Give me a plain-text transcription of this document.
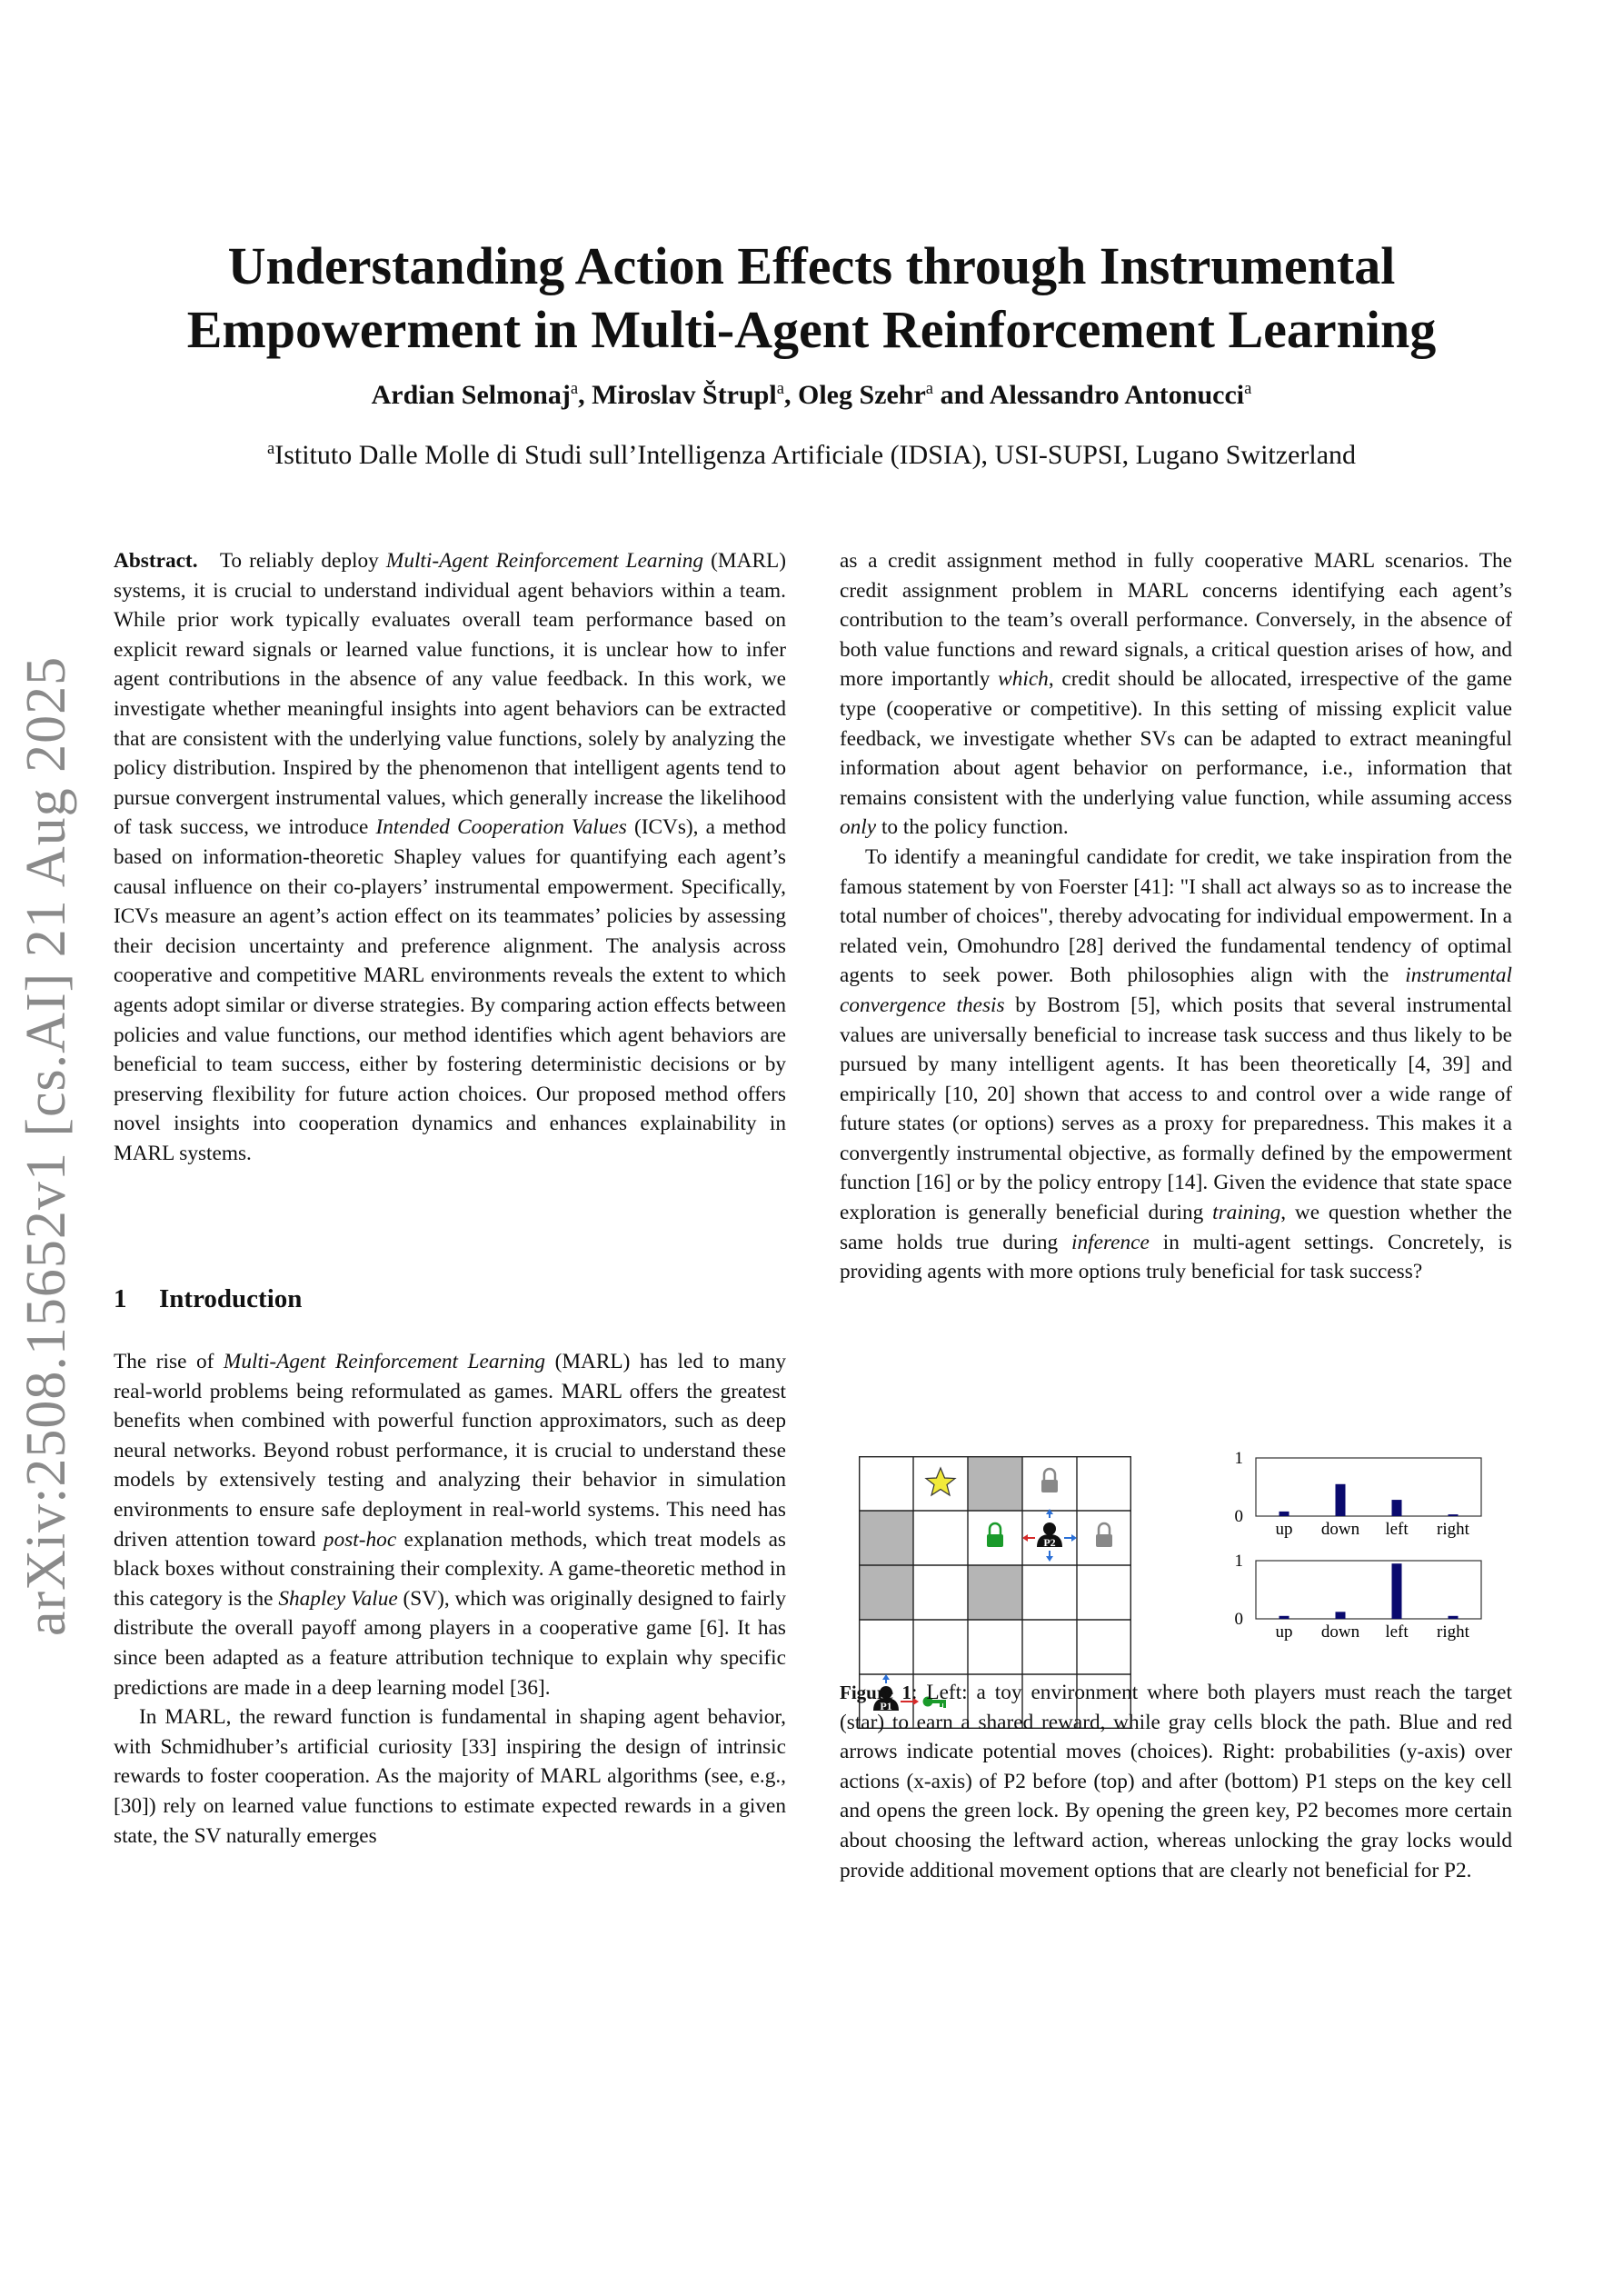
arXiv:2508.15652v1 [cs.AI] 21 Aug 2025
Understanding Action Effects through Instrumental
Empowerment in Multi-Agent Reinforcement Learning

Ardian Selmonaj$^a$, Miroslav Štrupl$^a$, Oleg Szehr$^a$ and Alessandro Antonucci$^a$

$^a$Istituto Dalle Molle di Studi sull’Intelligenza Artificiale (IDSIA), USI-SUPSI, Lugano Switzerland

Abstract. To reliably deploy Multi-Agent Reinforcement Learning (MARL) systems, it is crucial to understand individual agent behaviors within a team. While prior work typically evaluates overall team performance based on explicit reward signals or learned value functions, it is unclear how to infer agent contributions in the absence of any value feedback. In this work, we investigate whether meaningful insights into agent behaviors can be extracted that are consistent with the underlying value functions, solely by analyzing the policy distribution. Inspired by the phenomenon that intelligent agents tend to pursue convergent instrumental values, which generally increase the likelihood of task success, we introduce Intended Cooperation Values (ICVs), a method based on information-theoretic Shapley values for quantifying each agent’s causal influence on their co-players’ instrumental empowerment. Specifically, ICVs measure an agent’s action effect on its teammates’ policies by assessing their decision uncertainty and preference alignment. The analysis across cooperative and competitive MARL environments reveals the extent to which agents adopt similar or diverse strategies. By comparing action effects between policies and value functions, our method identifies which agent behaviors are beneficial to team success, either by fostering deterministic decisions or by preserving flexibility for future action choices. Our proposed method offers novel insights into cooperation dynamics and enhances explainability in MARL systems.

1 Introduction

The rise of Multi-Agent Reinforcement Learning (MARL) has led to many real-world problems being reformulated as games. MARL offers the greatest benefits when combined with powerful function approximators, such as deep neural networks. Beyond robust performance, it is crucial to understand these models by extensively testing and analyzing their behavior in simulation environments to ensure safe deployment in real-world systems. This need has driven attention toward post-hoc explanation methods, which treat models as black boxes without constraining their complexity. A game-theoretic method in this category is the Shapley Value (SV), which was originally designed to fairly distribute the overall payoff among players in a cooperative game [6]. It has since been adapted as a feature attribution technique to explain why specific predictions are made in a deep learning model [36].

In MARL, the reward function is fundamental in shaping agent behavior, with Schmidhuber’s artificial curiosity [33] inspiring the design of intrinsic rewards to foster cooperation. As the majority of MARL algorithms (see, e.g., [30]) rely on learned value functions to estimate expected rewards in a given state, the SV naturally emerges

as a credit assignment method in fully cooperative MARL scenarios. The credit assignment problem in MARL concerns identifying each agent’s contribution to the team’s overall performance. Conversely, in the absence of both value functions and reward signals, a critical question arises of how, and more importantly which, credit should be allocated, irrespective of the game type (cooperative or competitive). In this setting of missing explicit value feedback, we investigate whether SVs can be adapted to extract meaningful information about agent behavior on performance, i.e., information that remains consistent with the underlying value function, while assuming access only to the policy function.

To identify a meaningful candidate for credit, we take inspiration from the famous statement by von Foerster [41]: "I shall act always so as to increase the total number of choices", thereby advocating for individual empowerment. In a related vein, Omohundro [28] derived the fundamental tendency of optimal agents to seek power. Both philosophies align with the instrumental convergence thesis by Bostrom [5], which posits that several instrumental values are universally beneficial to increase task success and thus likely to be pursued by many intelligent agents. It has been theoretically [4, 39] and empirically [10, 20] shown that access to and control over a wide range of future states (or options) serves as a proxy for preparedness. This makes it a convergently instrumental objective, as formally defined by the empowerment function [16] or by the policy entropy [14]. Given the evidence that state space exploration is generally beneficial during training, we question whether the same holds true during inference in multi-agent settings. Concretely, is providing agents with more options truly beneficial for task success?

P2
P1
1
0
up down left right
1
0
up down left right
Figure 1: Left: a toy environment where both players must reach the target (star) to earn a shared reward, while gray cells block the path. Blue and red arrows indicate potential moves (choices). Right: probabilities (y-axis) over actions (x-axis) of P2 before (top) and after (bottom) P1 steps on the key cell and opens the green lock. By opening the green key, P2 becomes more certain about choosing the leftward action, whereas unlocking the gray locks would provide additional movement options that are clearly not beneficial for P2.
